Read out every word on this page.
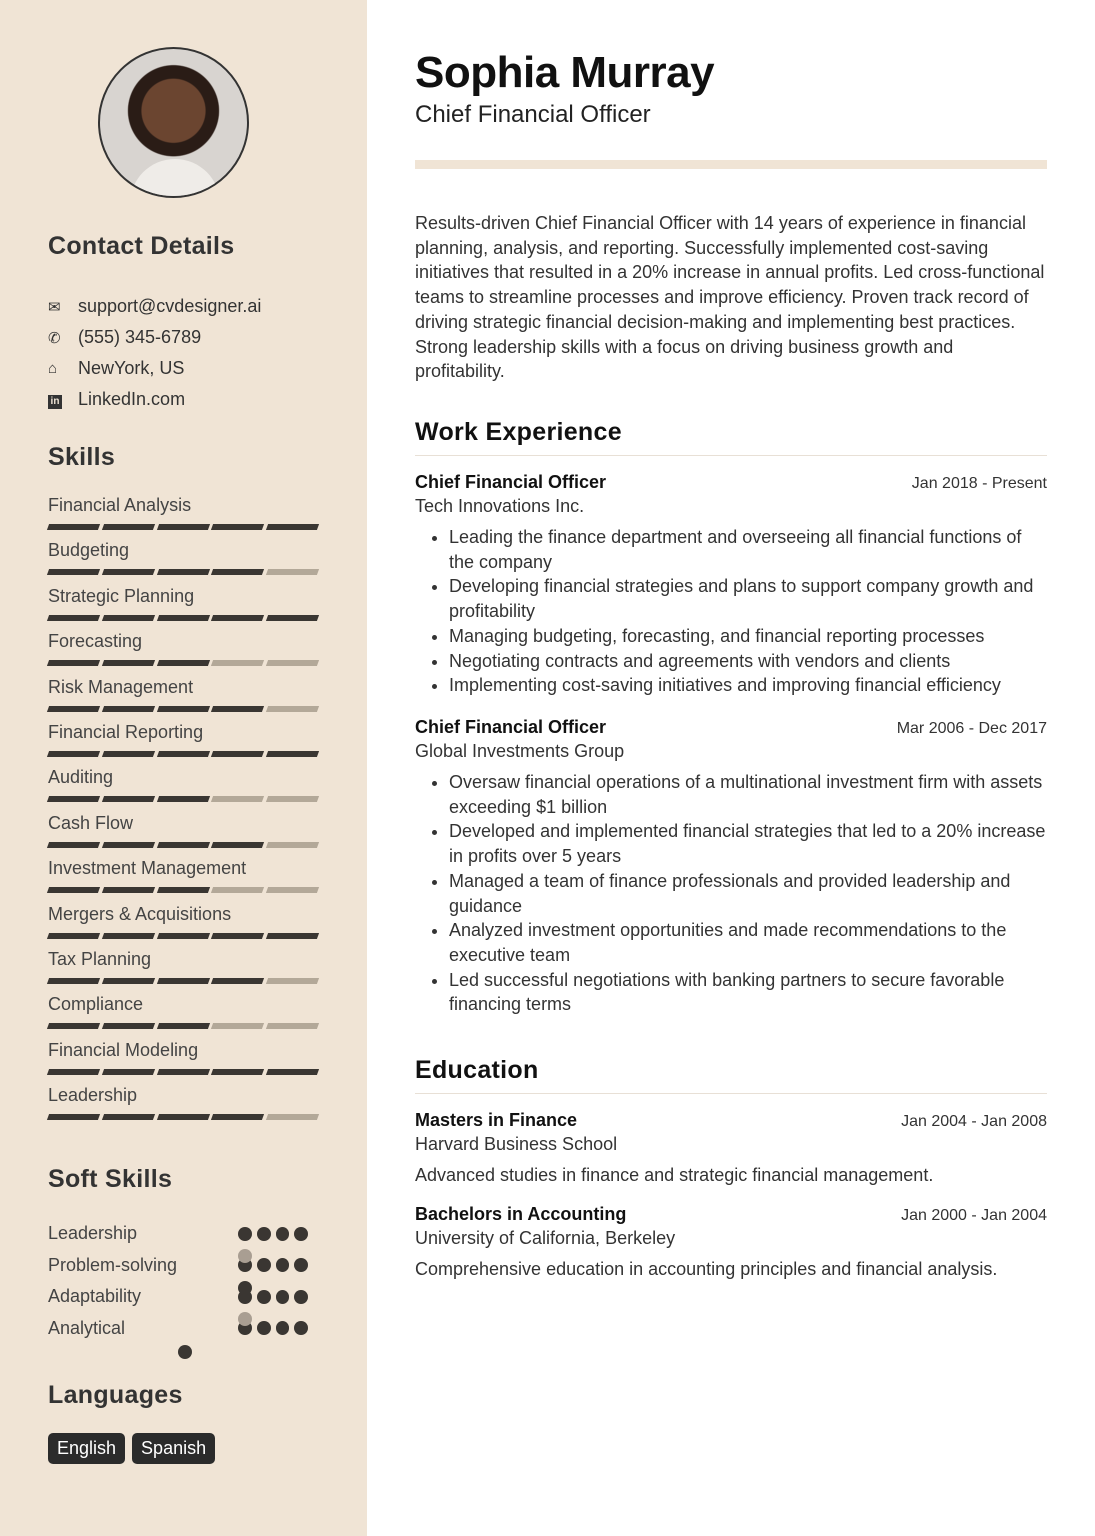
Contact Details
✉ support@cvdesigner.ai
✆ (555) 345-6789
⌂	NewYork, US
in	LinkedIn.com
Skills
Financial Analysis
Budgeting
Strategic Planning
Forecasting
Risk Management
Financial Reporting
Auditing
Cash Flow
Investment Management
Mergers & Acquisitions
Tax Planning
Compliance
Financial Modeling
Leadership
Soft Skills
Leadership
Problem-solving
Adaptability
Analytical
Languages
English	Spanish
Sophia Murray
Chief Financial Officer
Results-driven Chief Financial Officer with 14 years of experience in financial planning, analysis, and reporting. Successfully implemented cost-saving initiatives that resulted in a 20% increase in annual profits. Led cross-functional teams to streamline processes and improve efficiency. Proven track record of driving strategic financial decision-making and implementing best practices. Strong leadership skills with a focus on driving business growth and profitability.
Work Experience
Chief Financial Officer	Jan 2018 - Present
Tech Innovations Inc.
• Leading the finance department and overseeing all financial functions of the company
• Developing financial strategies and plans to support company growth and profitability
• Managing budgeting, forecasting, and financial reporting processes
• Negotiating contracts and agreements with vendors and clients
• Implementing cost-saving initiatives and improving financial efficiency
Chief Financial Officer	Mar 2006 - Dec 2017
Global Investments Group
• Oversaw financial operations of a multinational investment firm with assets exceeding $1 billion
• Developed and implemented financial strategies that led to a 20% increase in profits over 5 years
• Managed a team of finance professionals and provided leadership and guidance
• Analyzed investment opportunities and made recommendations to the executive team
• Led successful negotiations with banking partners to secure favorable financing terms
Education
Masters in Finance	Jan 2004 - Jan 2008
Harvard Business School
Advanced studies in finance and strategic financial management.
Bachelors in Accounting	Jan 2000 - Jan 2004
University of California, Berkeley
Comprehensive education in accounting principles and financial analysis.
